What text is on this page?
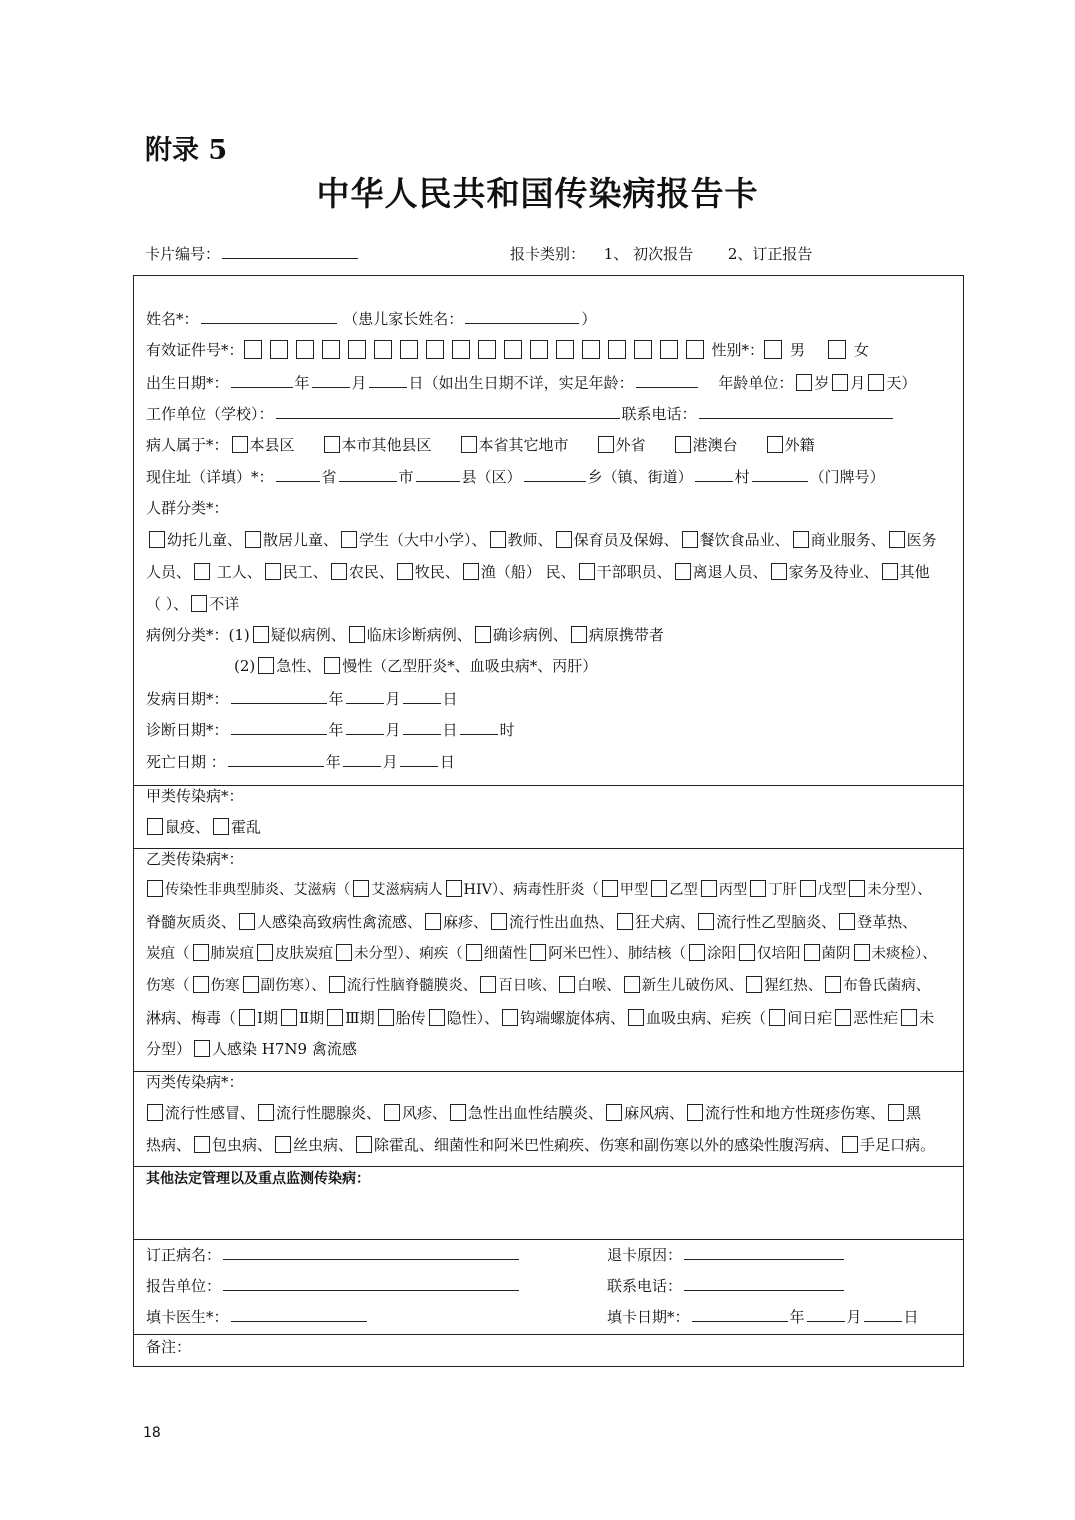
附录 5
中华人民共和国传染病报告卡
卡片编号：	报卡类别： 1、 初次报告 2、订正报告
姓名*：	（患儿家长姓名：	）
有效证件号*：	性别*： 男	女
出生日期*：	年	月	日（如出生日期不详，实足年龄：	年龄单位： 岁 月 天）
工作单位（学校）：	联系电话：
病人属于*： 本县区	本市其他县区	本省其它地市	外省	港澳台	外籍
现住址（详填）*：	省	市	县（区）	乡（镇、街道）	村	（门牌号）
人群分类*：
幼托儿童、 散居儿童、 学生（大中小学）、 教师、 保育员及保姆、 餐饮食品业、 商业服务、 医务
人员、 工人、 民工、 农民、 牧民、 渔（船） 民、 干部职员、 离退人员、 家务及待业、 其他
（ ）、 不详
病例分类*：(1) 疑似病例、 临床诊断病例、 确诊病例、 病原携带者
(2) 急性、 慢性（乙型肝炎*、血吸虫病*、丙肝）
发病日期*：	年	月	日
诊断日期*：	年	月	日	时
死亡日期 ：	年	月	日
甲类传染病*：
鼠疫、 霍乱
乙类传染病*：
传染性非典型肺炎、艾滋病（ 艾滋病病人 HIV）、病毒性肝炎（ 甲型 乙型 丙型 丁肝 戊型 未分型）、
脊髓灰质炎、 人感染高致病性禽流感、 麻疹、 流行性出血热、 狂犬病、 流行性乙型脑炎、 登革热、
炭疽（ 肺炭疽 皮肤炭疽 未分型）、痢疾（ 细菌性 阿米巴性）、肺结核（ 涂阳 仅培阳 菌阴 未痰检）、
伤寒（ 伤寒 副伤寒）、 流行性脑脊髓膜炎、 百日咳、 白喉、 新生儿破伤风、 猩红热、 布鲁氏菌病、
淋病、梅毒（ Ⅰ期 Ⅱ期 Ⅲ期 胎传 隐性）、 钩端螺旋体病、 血吸虫病、疟疾（ 间日疟 恶性疟 未
分型） 人感染 H7N9 禽流感
丙类传染病*：
流行性感冒、 流行性腮腺炎、 风疹、 急性出血性结膜炎、 麻风病、 流行性和地方性斑疹伤寒、 黑
热病、 包虫病、 丝虫病、 除霍乱、细菌性和阿米巴性痢疾、伤寒和副伤寒以外的感染性腹泻病、 手足口病。
其他法定管理以及重点监测传染病：
订正病名：	退卡原因：
报告单位：	联系电话：
填卡医生*：	填卡日期*：	年	月	日
备注：
18
